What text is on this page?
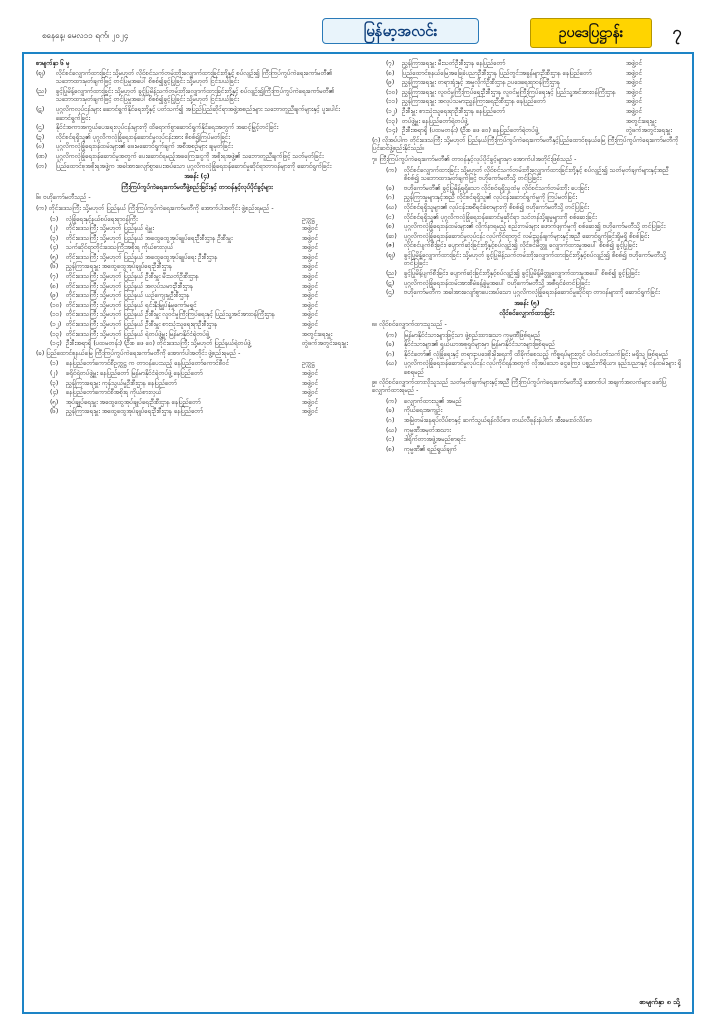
စနေနေ့၊ မေလ၁၁ ရက်၊ ၂၀၂၄	မြန်မာ့အလင်း	ဥပဒေပြဋ္ဌာန်း	၇
စာမျက်နှာ ၆ မှ
(ဈ)	လိုင်စင်လျှောက်ထားခြင်း သို့မဟုတ် လိုင်စင်သက်တမ်းတိုးလျှောက်ထားခြင်းတို့နှင့် စပ်လျဉ်း၍ ကြီးကြပ်ကွပ်ကဲရေးကော်မတီ၏ သဘောထားမှတ်ချက်ဖြင့် တင်ပြမှုအပေါ် စိစစ်၍ခွင့်ပြုခြင်း သို့မဟုတ် ငြင်းပယ်ခြင်း
(ည)	ခွင့်ပြုမိန့်လျှောက်ထားခြင်း သို့မဟုတ် ခွင့်ပြုမိန့်သက်တမ်းတိုးလျှောက်ထားခြင်းတို့နှင့် စပ်လျဉ်း၍ကြီးကြပ်ကွပ်ကဲရေးကော်မတီ၏ သဘောထားမှတ်ချက်ဖြင့် တင်ပြမှုအပေါ် စိစစ်၍ခွင့်ပြုခြင်း သို့မဟုတ် ငြင်းပယ်ခြင်း
(ဋ)	ပုဂ္ဂလိကလုပ်ငန်းများ ဆောင်ရွက်နိုင်ရေးတို့နှင့် ပတ်သက်၍ အပြည်ပြည်ဆိုင်ရာအဖွဲ့အစည်းများ သဘောတူညီချက်များနှင့် ပူးပေါင်းဆောင်ရွက်ခြင်း
(ဌ)	နိုင်ငံအကာအကွယ်ပေးရေးလုပ်ငန်းများကို ထိရောက်စွာဆောင်ရွက်နိုင်ရေးအတွက် အဆင့်မြှင့်တင်ခြင်း
(ဍ)	လိုင်စင်ရရှိသူ၏ ပုဂ္ဂလိကလုံခြုံရေးဝန်ဆောင်မှုလုပ်ငန်းအား စိစစ်၍ကြပ်မတ်ခြင်း
(ဎ)	ပုဂ္ဂလိကလုံခြုံရေးဝန်ထမ်းများ၏ ဖေးမဆောင်ရွက်ချက် အစီအစဉ်များ ချမှတ်ခြင်း
(ဏ)	ပုဂ္ဂလိကလုံခြုံရေးဝန်ဆောင်မှုအတွက် ပေးဆောင်ရမည့်အခကြေးငွေကို အစိုးရအဖွဲ့၏ သဘောတူညီချက်ဖြင့် သတ်မှတ်ခြင်း
(တ)	ပြည်ထောင်စုအစိုးရအဖွဲ့က အခါအားလျော်စွာပေးအပ်သော ပုဂ္ဂလိကလုံခြုံရေးဝန်ဆောင်မှုဆိုင်ရာတာဝန်များကို ဆောင်ရွက်ခြင်း
အခန်း (၄)
ကြီးကြပ်ကွပ်ကဲရေးကော်မတီဖွဲ့စည်းခြင်းနှင့် တာဝန်နှင့်လုပ်ပိုင်ခွင့်များ
၆။ ဗဟိုကော်မတီသည် -
(က) တိုင်းဒေသကြီး သို့မဟုတ် ပြည်နယ် ကြီးကြပ်ကွပ်ကဲရေးကော်မတီကို အောက်ပါအတိုင်း ဖွဲ့စည်းရမည် -
(၁)	လုံခြုံရေးနှင့်နယ်စပ်ရေးရာဝန်ကြီး	ဥက္ကဋ္ဌ
(၂)	တိုင်းဒေသကြီး သို့မဟုတ် ပြည်နယ် ရဲမှူး	အဖွဲ့ဝင်
(၃)	တိုင်းဒေသကြီး သို့မဟုတ် ပြည်နယ် အထွေထွေအုပ်ချုပ်ရေးဦးစီးဌာန ဦးစီးမှူး	အဖွဲ့ဝင်
(၄)	သက်ဆိုင်ရာတိုင်းဒေသကြီးအစိုးရ ကိုယ်စားလှယ်	အဖွဲ့ဝင်
(၅)	တိုင်းဒေသကြီး သို့မဟုတ် ပြည်နယ် အထွေထွေအုပ်ချုပ်ရေး ဦးစီးဌာန	အဖွဲ့ဝင်
(၆)	ညွှန်ကြားရေးမှူး အထွေထွေအုပ်ချုပ်ရေးဦးစီးဌာန	အဖွဲ့ဝင်
(၇)	တိုင်းဒေသကြီး သို့မဟုတ် ပြည်နယ် ဦးစီးမှူး မီးသတ်ဦးစီးဌာန	အဖွဲ့ဝင်
(၈)	တိုင်းဒေသကြီး သို့မဟုတ် ပြည်နယ် အလုပ်သမားဦးစီးဌာန	အဖွဲ့ဝင်
(၉)	တိုင်းဒေသကြီး သို့မဟုတ် ပြည်နယ် ယဉ်ကျေးမှုဦးစီးဌာန	အဖွဲ့ဝင်
(၁၀) တိုင်းဒေသကြီး သို့မဟုတ် ပြည်နယ် ရင်းနှီးမြှုပ်နှံမှုကော်မရှင်	အဖွဲ့ဝင်
(၁၁) တိုင်းဒေသကြီး သို့မဟုတ် ပြည်နယ် ဦးစီးမှူး လူဝင်မှုကြီးကြပ်ရေးနှင့် ပြည်သူ့အင်အားဝန်ကြီးဌာန	အဖွဲ့ဝင်
(၁၂) တိုင်းဒေသကြီး သို့မဟုတ် ပြည်နယ် ဦးစီးမှူး စားသုံးသူရေးရာဦးစီးဌာန	အဖွဲ့ဝင်
(၁၃) တိုင်းဒေသကြီး သို့မဟုတ် ပြည်နယ် ရဲတပ်ဖွဲ့မှူး မြန်မာနိုင်ငံရဲတပ်ဖွဲ့	အတွင်းရေးမှူး
(၁၄) ဦးစီးအရာရှိ (ပထမတန်း) (ဦးစ ဖေ ဝေ) တိုင်းဒေသကြီး သို့မဟုတ် ပြည်နယ်ရဲတပ်ဖွဲ့	တွဲဖက်အတွင်းရေးမှူး
(ခ) ပြည်ထောင်စုနယ်မြေ ကြီးကြပ်ကွပ်ကဲရေးကော်မတီကို အောက်ပါအတိုင်း ဖွဲ့စည်းရမည် -
(၁)	နေပြည်တော်ကောင်စီဥက္ကဋ္ဌ က တာဝန်ပေးသည့် နေပြည်တော်ကောင်စီဝင်	ဥက္ကဋ္ဌ
(၂)	ခရိုင်ရဲတပ်ဖွဲ့မှူး နေပြည်တော် မြန်မာနိုင်ငံရဲတပ်ဖွဲ့ နေပြည်တော်	အဖွဲ့ဝင်
(၃)	ညွှန်ကြားရေးမှူး ကုန်သွယ်မှုဦးစီးဌာန နေပြည်တော်	အဖွဲ့ဝင်
(၄)	နေပြည်တော်ကောင်စီအစိုးရ ကိုယ်စားလှယ်	အဖွဲ့ဝင်
(၅)	အုပ်ချုပ်ရေးမှူး အထွေထွေအုပ်ချုပ်ရေးဦးစီးဌာန နေပြည်တော်	အဖွဲ့ဝင်
(၆)	ညွှန်ကြားရေးမှူး အထွေထွေအုပ်ချုပ်ရေးဦးစီးဌာန နေပြည်တော်	အဖွဲ့ဝင်
(၇)	ညွှန်ကြားရေးမှူး မီးသတ်ဦးစီးဌာန နေပြည်တော်	အဖွဲ့ဝင်
(၈)	ပြည်ထောင်စုနယ်မြေအခြေခံပညာဦးစီးဌာန ပြည်တွင်းအခွန်များဦးစီးဌာန နေပြည်တော်	အဖွဲ့ဝင်
(၉)	ညွှန်ကြားရေးမှူး တရားရုံးနှင့် အမှုလိုက်ဦးစီးဌာန ဥပဒေရေးရာဝန်ကြီးဌာန	အဖွဲ့ဝင်
(၁၀) ညွှန်ကြားရေးမှူး လူဝင်မှုကြီးကြပ်ရေးဦးစီးဌာန လူဝင်မှုကြီးကြပ်ရေးနှင့် ပြည်သူ့အင်အားဝန်ကြီးဌာန	အဖွဲ့ဝင်
(၁၁) ညွှန်ကြားရေးမှူး အလုပ်သမားညွှန်ကြားရေးဦးစီးဌာန နေပြည်တော်	အဖွဲ့ဝင်
(၁၂) ဦးစီးမှူး စားသုံးသူရေးရာဦးစီးဌာန နေပြည်တော်	အဖွဲ့ဝင်
(၁၃) တပ်ဖွဲ့မှူး နေပြည်တော်ရဲတပ်ဖွဲ့	အတွင်းရေးမှူး
(၁၄) ဦးစီးအရာရှိ (ပထမတန်း) (ဦးစ ဖေ ဝေ) နေပြည်တော်ရဲတပ်ဖွဲ့	တွဲဖက်အတွင်းရေးမှူး
(ဂ) လိုအပ်ပါက တိုင်းဒေသကြီး သို့မဟုတ် ပြည်နယ်ကြီးကြပ်ကွပ်ကဲရေးကော်မတီနှင့်ပြည်ထောင်စုနယ်မြေ ကြီးကြပ်ကွပ်ကဲရေးကော်မတီကို ပြင်ဆင်ဖွဲ့စည်းနိုင်သည်။
၇။ ကြီးကြပ်ကွပ်ကဲရေးကော်မတီ၏ တာဝန်နှင့်လုပ်ပိုင်ခွင့်များမှာ အောက်ပါအတိုင်းဖြစ်သည် -
(က)	လိုင်စင်လျှောက်ထားခြင်း သို့မဟုတ် လိုင်စင်သက်တမ်းတိုးလျှောက်ထားခြင်းတို့နှင့် စပ်လျဉ်း၍ သတ်မှတ်ချက်များနှင့်အညီ စိစစ်၍ သဘောထားမှတ်ချက်ဖြင့် ဗဟိုကော်မတီသို့ တင်ပြခြင်း
(ခ)	ဗဟိုကော်မတီ၏ ခွင့်ပြုမိန့်ရရှိသော လိုင်စင်ရရှိသူထံမှ လိုင်စင်သက်တမ်းတိုး ပေးခြင်း
(ဂ)	ညွှန်ကြားမှုများနှင့်အညီ လိုင်စင်ရရှိသူ၏ လုပ်ငန်းဆောင်ရွက်မှုကို ကြပ်မတ်ခြင်း
(ဃ)	လိုင်စင်ရရှိသူများ၏ လုပ်ငန်းအစီရင်ခံစာများကို စိစစ်၍ ဗဟိုကော်မတီသို့ တင်ပြခြင်း
(င)	လိုင်စင်ရရှိသူ၏ ပုဂ္ဂလိကလုံခြုံရေးဝန်ဆောင်မှုဆိုင်ရာ သင်တန်းပို့ချမှုများကို စစ်ဆေးခြင်း
(စ)	ပုဂ္ဂလိကလုံခြုံရေးဝန်ထမ်းများ၏ လိုက်နာရမည့် စည်းကမ်းများ ဖောက်ဖျက်မှုကို စစ်ဆေး၍ ဗဟိုကော်မတီသို့ တင်ပြခြင်း
(ဆ)	ပုဂ္ဂလိကလုံခြုံရေးဝန်ဆောင်မှုလုပ်ငန်း လုပ်ကိုင်ရာတွင် လမ်းညွှန်ချက်များနှင့်အညီ ဆောင်ရွက်ခြင်းရှိမရှိ စိစစ်ခြင်း
(ဇ)	လိုင်စင်ပျက်စီးခြင်း၊ ပျောက်ဆုံးခြင်းတို့နှင့်စပ်လျဉ်း၍ လိုင်စင်မိတ္တူ လျှောက်ထားမှုအပေါ် စိစစ်၍ ခွင့်ပြုခြင်း
(ဈ)	ခွင့်ပြုမိန့်လျှောက်ထားခြင်း သို့မဟုတ် ခွင့်ပြုမိန့်သက်တမ်းတိုးလျှောက်ထားခြင်းတို့နှင့်စပ်လျဉ်း၍ စိစစ်၍ ဗဟိုကော်မတီသို့ တင်ပြခြင်း
(ည)	ခွင့်ပြုမိန့်ပျက်စီးခြင်း၊ ပျောက်ဆုံးခြင်းတို့နှင့်စပ်လျဉ်း၍ ခွင့်ပြုမိန့်မိတ္တူလျှောက်ထားမှုအပေါ် စိစစ်၍ ခွင့်ပြုခြင်း
(ဋ)	ပုဂ္ဂလိကလုံခြုံရေးဝန်ထမ်းအားစီမံခန့်ခွဲမှုအပေါ် ဗဟိုကော်မတီသို့ အစီရင်ခံတင်ပြခြင်း
(ဌ)	ဗဟိုကော်မတီက အခါအားလျော်စွာပေးအပ်သော ပုဂ္ဂလိကလုံခြုံရေးဝန်ဆောင်မှုဆိုင်ရာ တာဝန်များကို ဆောင်ရွက်ခြင်း
အခန်း (၅)
လိုင်စင်လျှောက်ထားခြင်း
၈။ လိုင်စင်လျှောက်ထားသူသည် -
(က)	မြန်မာနိုင်ငံသားများဖြင့်သာ ဖွဲ့စည်းထားသော ကုမ္ပဏီဖြစ်ရမည်
(ခ)	နိုင်ငံသားများ၏ ရှယ်ယာအစုရှင်များမှာ မြန်မာနိုင်ငံသားများဖြစ်ရမည်
(ဂ)	နိုင်ငံတော်၏ လုံခြုံရေးနှင့် တရားဥပဒေစိုးမိုးရေးကို ထိခိုက်စေသည့် ကိစ္စရပ်များတွင် ပါဝင်ပတ်သက်ခြင်း မရှိသူ ဖြစ်ရမည်
(ဃ)	ပုဂ္ဂလိကလုံခြုံရေးဝန်ဆောင်မှုလုပ်ငန်း လုပ်ကိုင်ရန်အတွက် လိုအပ်သော ငွေကြေး၊ ပစ္စည်းကိရိယာ၊ နည်းပညာနှင့် ဝန်ထမ်းများ ရှိစေရမည်
၉။ လိုင်စင်လျှောက်ထားလိုသူသည် သတ်မှတ်ချက်များနှင့်အညီ ကြီးကြပ်ကွပ်ကဲရေးကော်မတီသို့ အောက်ပါ အချက်အလက်များ ဖော်ပြလျှောက်ထားရမည် -
(က)	လျှောက်ထားသူ၏ အမည်
(ခ)	ကိုယ်ရေးအကျဉ်း
(ဂ)	အမြဲတမ်းနေရပ်လိပ်စာနှင့် ဆက်သွယ်ရန်လိပ်စာ၊ တယ်လီဖုန်းနံပါတ်၊ အီးမေးလ်လိပ်စာ
(ဃ)	ကုမ္ပဏီအမှတ်အသား
(င)	ဒါရိုက်တာအဖွဲ့အမည်စာရင်း
(စ)	ကုမ္ပဏီ၏ ရည်ရွယ်ချက်
စာမျက်နှာ ၈ သို့
